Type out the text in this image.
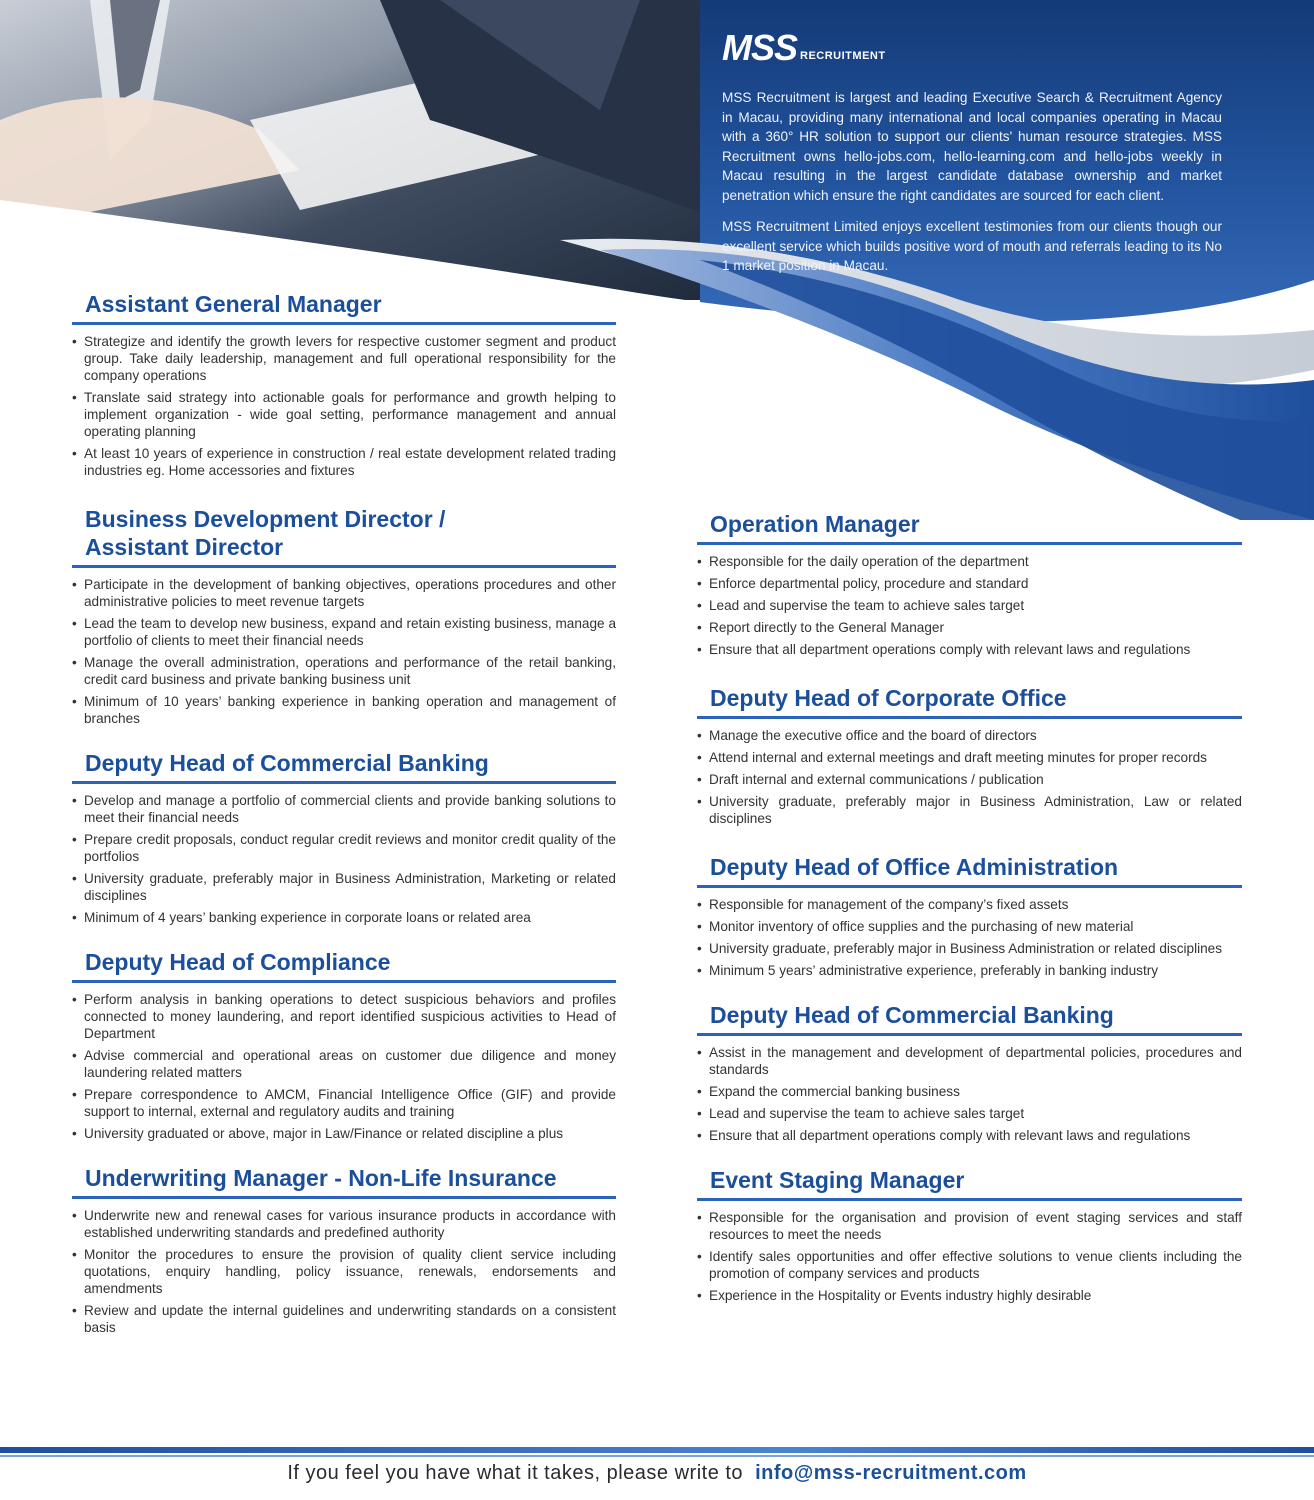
MSS RECRUITMENT

MSS Recruitment is largest and leading Executive Search & Recruitment Agency in Macau, providing many international and local companies operating in Macau with a 360° HR solution to support our clients' human resource strategies. MSS Recruitment owns hello-jobs.com, hello-learning.com and hello-jobs weekly in Macau resulting in the largest candidate database ownership and market penetration which ensure the right candidates are sourced for each client.

MSS Recruitment Limited enjoys excellent testimonies from our clients though our excellent service which builds positive word of mouth and referrals leading to its No 1 market position in Macau.

Assistant General Manager
• Strategize and identify the growth levers for respective customer segment and product group. Take daily leadership, management and full operational responsibility for the company operations
• Translate said strategy into actionable goals for performance and growth helping to implement organization - wide goal setting, performance management and annual operating planning
• At least 10 years of experience in construction / real estate development related trading industries eg. Home accessories and fixtures
Business Development Director / Assistant Director
• Participate in the development of banking objectives, operations procedures and other administrative policies to meet revenue targets
• Lead the team to develop new business, expand and retain existing business, manage a portfolio of clients to meet their financial needs
• Manage the overall administration, operations and performance of the retail banking, credit card business and private banking business unit
• Minimum of 10 years’ banking experience in banking operation and management of branches
Deputy Head of Commercial Banking
• Develop and manage a portfolio of commercial clients and provide banking solutions to meet their financial needs
• Prepare credit proposals, conduct regular credit reviews and monitor credit quality of the portfolios
• University graduate, preferably major in Business Administration, Marketing or related disciplines
• Minimum of 4 years’ banking experience in corporate loans or related area
Deputy Head of Compliance
• Perform analysis in banking operations to detect suspicious behaviors and profiles connected to money laundering, and report identified suspicious activities to Head of Department
• Advise commercial and operational areas on customer due diligence and money laundering related matters
• Prepare correspondence to AMCM, Financial Intelligence Office (GIF) and provide support to internal, external and regulatory audits and training
• University graduated or above, major in Law/Finance or related discipline a plus
Underwriting Manager - Non-Life Insurance
• Underwrite new and renewal cases for various insurance products in accordance with established underwriting standards and predefined authority
• Monitor the procedures to ensure the provision of quality client service including quotations, enquiry handling, policy issuance, renewals, endorsements and amendments
• Review and update the internal guidelines and underwriting standards on a consistent basis
Operation Manager
• Responsible for the daily operation of the department
• Enforce departmental policy, procedure and standard
• Lead and supervise the team to achieve sales target
• Report directly to the General Manager
• Ensure that all department operations comply with relevant laws and regulations
Deputy Head of Corporate Office
• Manage the executive office and the board of directors
• Attend internal and external meetings and draft meeting minutes for proper records
• Draft internal and external communications / publication
• University graduate, preferably major in Business Administration, Law or related disciplines
Deputy Head of Office Administration
• Responsible for management of the company’s fixed assets
• Monitor inventory of office supplies and the purchasing of new material
• University graduate, preferably major in Business Administration or related disciplines
• Minimum 5 years’ administrative experience, preferably in banking industry
Deputy Head of Commercial Banking
• Assist in the management and development of departmental policies, procedures and standards
• Expand the commercial banking business
• Lead and supervise the team to achieve sales target
• Ensure that all department operations comply with relevant laws and regulations
Event Staging Manager
• Responsible for the organisation and provision of event staging services and staff resources to meet the needs
• Identify sales opportunities and offer effective solutions to venue clients including the promotion of company services and products
• Experience in the Hospitality or Events industry highly desirable
If you feel you have what it takes, please write to info@mss-recruitment.com
